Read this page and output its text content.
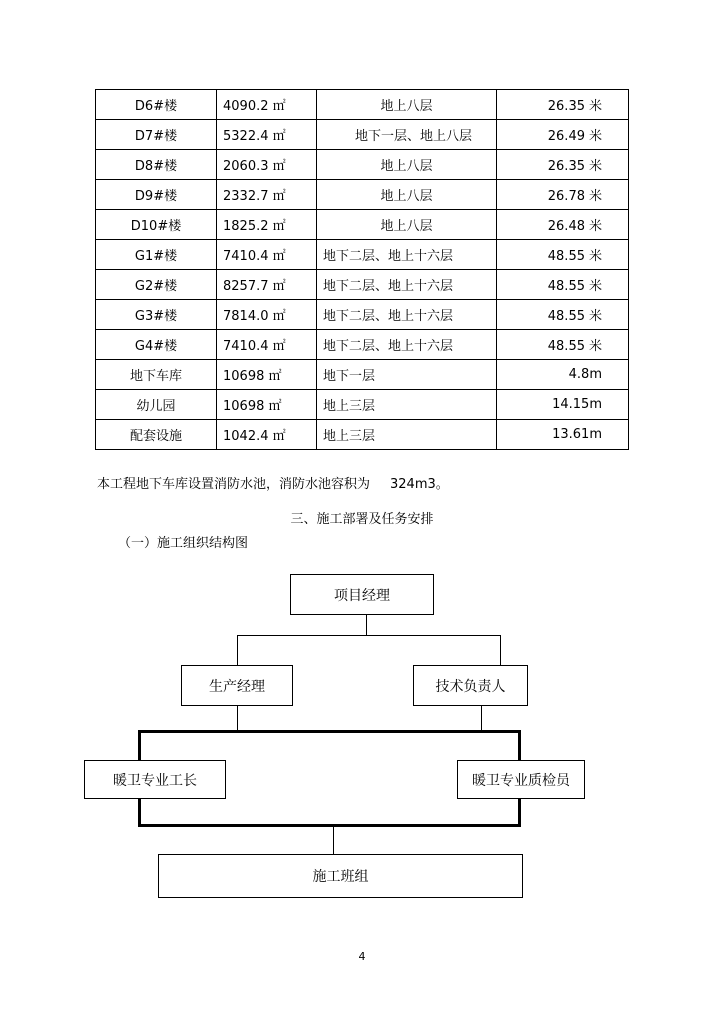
D6#楼	4090.2 ㎡	地上八层	26.35 米
D7#楼	5322.4 ㎡	地下一层、地上八层	26.49 米
D8#楼	2060.3 ㎡	地上八层	26.35 米
D9#楼	2332.7 ㎡	地上八层	26.78 米
D10#楼	1825.2 ㎡	地上八层	26.48 米
G1#楼	7410.4 ㎡	地下二层、地上十六层	48.55 米
G2#楼	8257.7 ㎡	地下二层、地上十六层	48.55 米
G3#楼	7814.0 ㎡	地下二层、地上十六层	48.55 米
G4#楼	7410.4 ㎡	地下二层、地上十六层	48.55 米
地下车库	10698 ㎡	地下一层	4.8m
幼儿园	10698 ㎡	地上三层	14.15m
配套设施	1042.4 ㎡	地上三层	13.61m
本工程地下车库设置消防水池，消防水池容积为 324m3。
三、施工部署及任务安排
（一）施工组织结构图
项目经理
生产经理	技术负责人
暖卫专业工长	暖卫专业质检员
施工班组
4
